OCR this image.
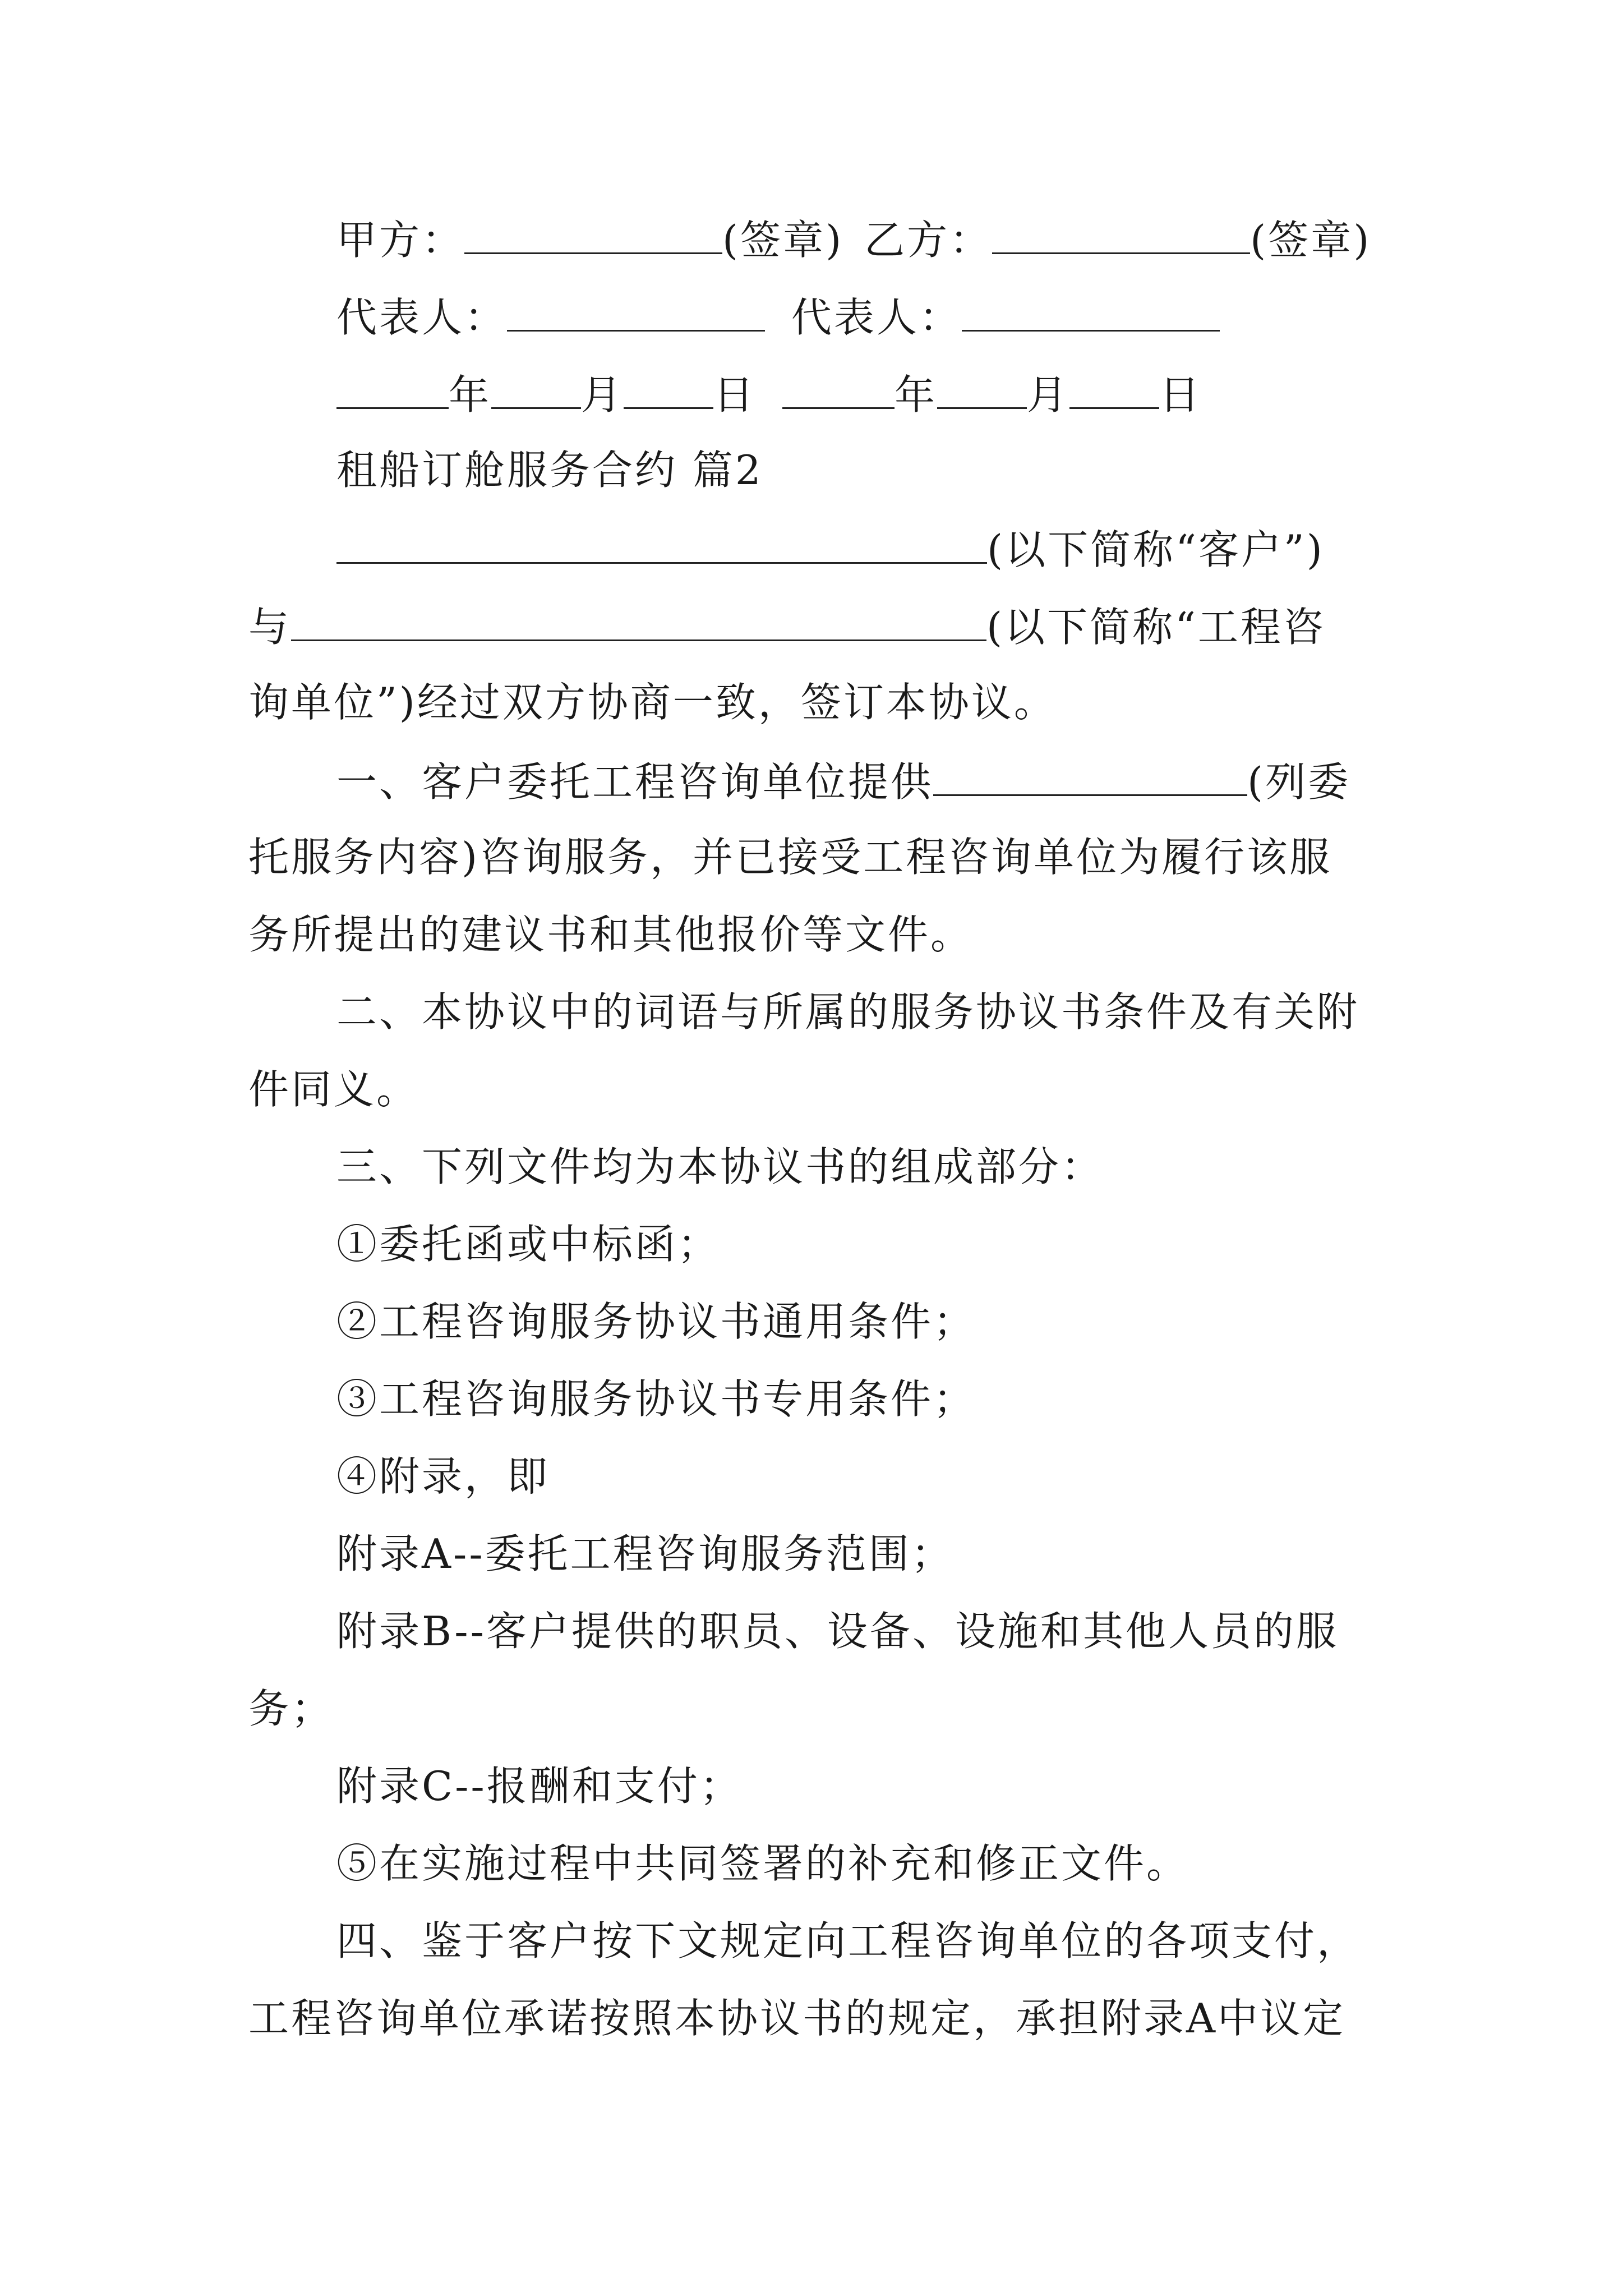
甲方：	(签章) 乙方：	(签章)
代表人：	代表人：
年 月 日	年 月 日
租船订舱服务合约 篇2
(以下简称“客户”)
与	(以下简称“工程咨
询单位”)经过双方协商一致，签订本协议。
一、客户委托工程咨询单位提供	(列委
托服务内容)咨询服务，并已接受工程咨询单位为履行该服
务所提出的建议书和其他报价等文件。
二、本协议中的词语与所属的服务协议书条件及有关附
件同义。
三、下列文件均为本协议书的组成部分：
①委托函或中标函；
②工程咨询服务协议书通用条件；
③工程咨询服务协议书专用条件；
④附录，即
附录A--委托工程咨询服务范围；
附录B--客户提供的职员、设备、设施和其他人员的服
务；
附录C--报酬和支付；
⑤在实施过程中共同签署的补充和修正文件。
四、鉴于客户按下文规定向工程咨询单位的各项支付，
工程咨询单位承诺按照本协议书的规定，承担附录A中议定
